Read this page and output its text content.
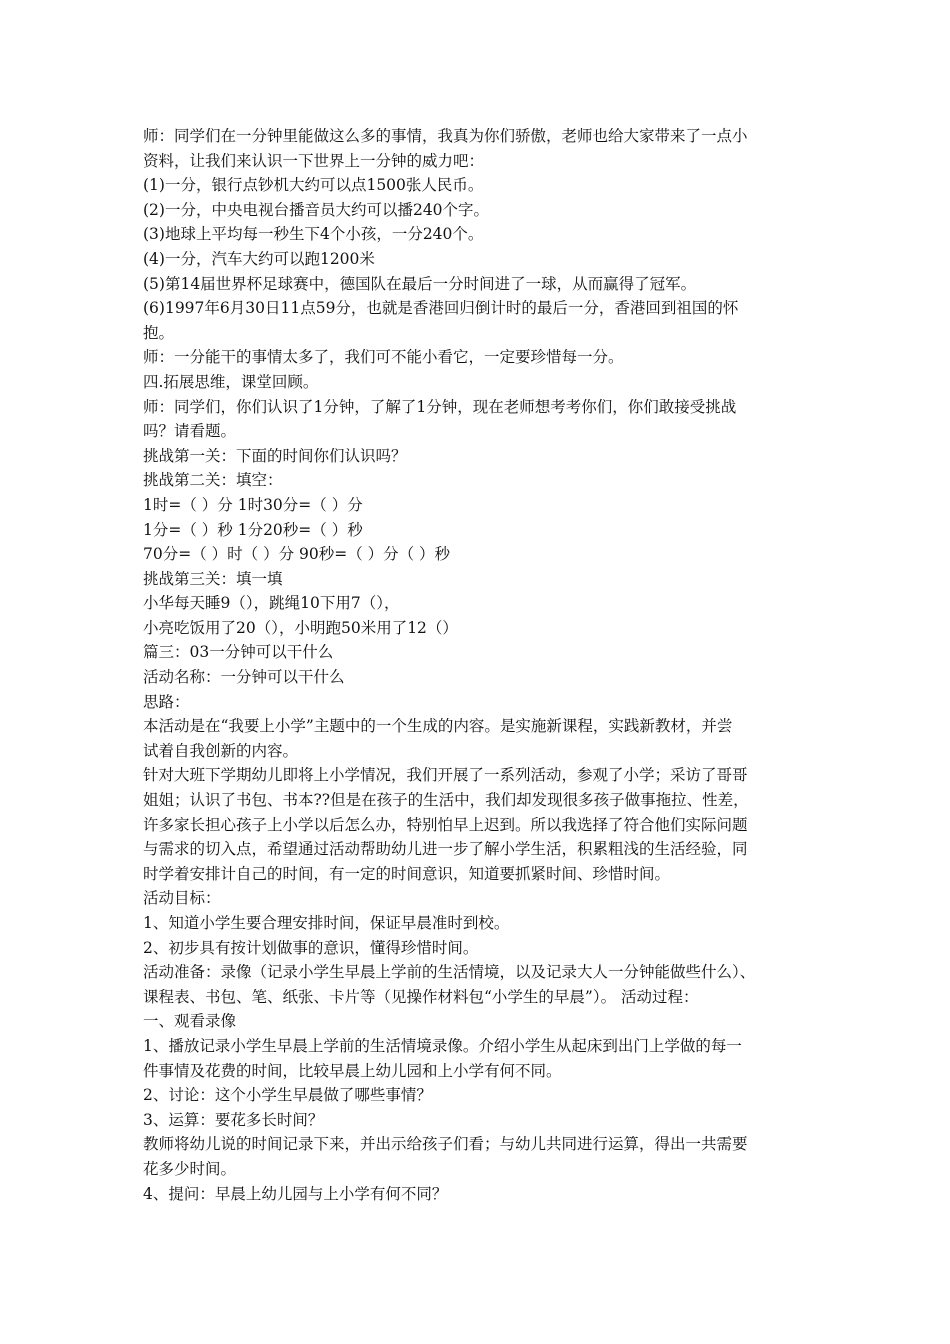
师：同学们在一分钟里能做这么多的事情，我真为你们骄傲，老师也给大家带来了一点小
资料，让我们来认识一下世界上一分钟的威力吧：
(1)一分，银行点钞机大约可以点1500张人民币。
(2)一分，中央电视台播音员大约可以播240个字。
(3)地球上平均每一秒生下4个小孩，一分240个。
(4)一分，汽车大约可以跑1200米
(5)第14届世界杯足球赛中，德国队在最后一分时间进了一球，从而赢得了冠军。
(6)1997年6月30日11点59分，也就是香港回归倒计时的最后一分，香港回到祖国的怀
抱。
师：一分能干的事情太多了，我们可不能小看它，一定要珍惜每一分。
四.拓展思维，课堂回顾。
师：同学们，你们认识了1分钟，了解了1分钟，现在老师想考考你们，你们敢接受挑战
吗？请看题。
挑战第一关：下面的时间你们认识吗？
挑战第二关：填空：
1时=（ ）分 1时30分=（ ）分
1分=（ ）秒 1分20秒=（ ）秒
70分=（ ）时（ ）分 90秒=（ ）分（ ）秒
挑战第三关：填一填
小华每天睡9（），跳绳10下用7（），
小亮吃饭用了20（），小明跑50米用了12（）
篇三：03一分钟可以干什么
活动名称：一分钟可以干什么
思路：
本活动是在“我要上小学”主题中的一个生成的内容。是实施新课程，实践新教材，并尝
试着自我创新的内容。
针对大班下学期幼儿即将上小学情况，我们开展了一系列活动，参观了小学；采访了哥哥
姐姐；认识了书包、书本??但是在孩子的生活中，我们却发现很多孩子做事拖拉、性差，
许多家长担心孩子上小学以后怎么办，特别怕早上迟到。所以我选择了符合他们实际问题
与需求的切入点，希望通过活动帮助幼儿进一步了解小学生活，积累粗浅的生活经验，同
时学着安排计自己的时间，有一定的时间意识，知道要抓紧时间、珍惜时间。
活动目标：
1、知道小学生要合理安排时间，保证早晨准时到校。
2、初步具有按计划做事的意识，懂得珍惜时间。
活动准备：录像（记录小学生早晨上学前的生活情境，以及记录大人一分钟能做些什么）、
课程表、书包、笔、纸张、卡片等（见操作材料包“小学生的早晨”）。 活动过程：
一、观看录像
1、播放记录小学生早晨上学前的生活情境录像。介绍小学生从起床到出门上学做的每一
件事情及花费的时间，比较早晨上幼儿园和上小学有何不同。
2、讨论：这个小学生早晨做了哪些事情？
3、运算：要花多长时间？
教师将幼儿说的时间记录下来，并出示给孩子们看；与幼儿共同进行运算，得出一共需要
花多少时间。
4、提问：早晨上幼儿园与上小学有何不同？
